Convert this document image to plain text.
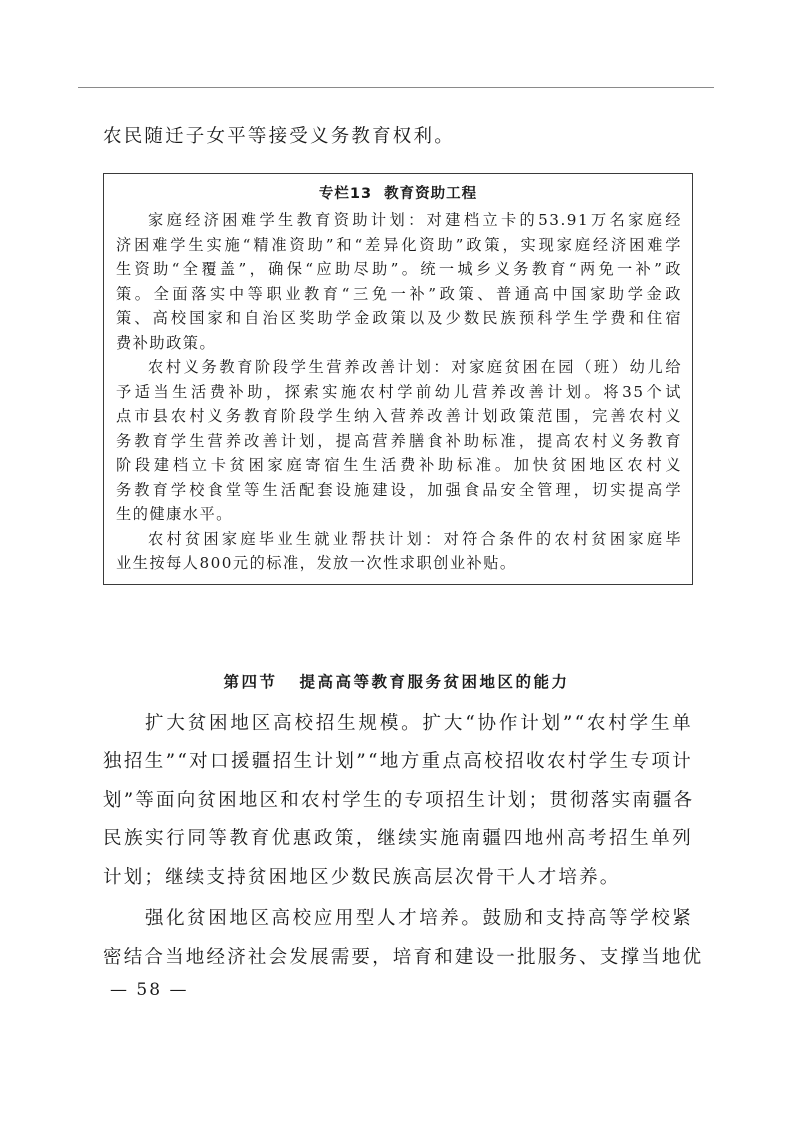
农民随迁子女平等接受义务教育权利。
专栏13 教育资助工程
家庭经济困难学生教育资助计划：对建档立卡的53.91万名家庭经
济困难学生实施“精准资助”和“差异化资助”政策，实现家庭经济困难学
生资助“全覆盖”，确保“应助尽助”。统一城乡义务教育“两免一补”政
策。全面落实中等职业教育“三免一补”政策、普通高中国家助学金政
策、高校国家和自治区奖助学金政策以及少数民族预科学生学费和住宿
费补助政策。
农村义务教育阶段学生营养改善计划：对家庭贫困在园（班）幼儿给
予适当生活费补助，探索实施农村学前幼儿营养改善计划。将35个试
点市县农村义务教育阶段学生纳入营养改善计划政策范围，完善农村义
务教育学生营养改善计划，提高营养膳食补助标准，提高农村义务教育
阶段建档立卡贫困家庭寄宿生生活费补助标准。加快贫困地区农村义
务教育学校食堂等生活配套设施建设，加强食品安全管理，切实提高学
生的健康水平。
农村贫困家庭毕业生就业帮扶计划：对符合条件的农村贫困家庭毕
业生按每人800元的标准，发放一次性求职创业补贴。
第四节 提高高等教育服务贫困地区的能力
扩大贫困地区高校招生规模。扩大“协作计划”“农村学生单
独招生”“对口援疆招生计划”“地方重点高校招收农村学生专项计
划”等面向贫困地区和农村学生的专项招生计划；贯彻落实南疆各
民族实行同等教育优惠政策，继续实施南疆四地州高考招生单列
计划；继续支持贫困地区少数民族高层次骨干人才培养。
强化贫困地区高校应用型人才培养。鼓励和支持高等学校紧
密结合当地经济社会发展需要，培育和建设一批服务、支撑当地优
— 58 —
